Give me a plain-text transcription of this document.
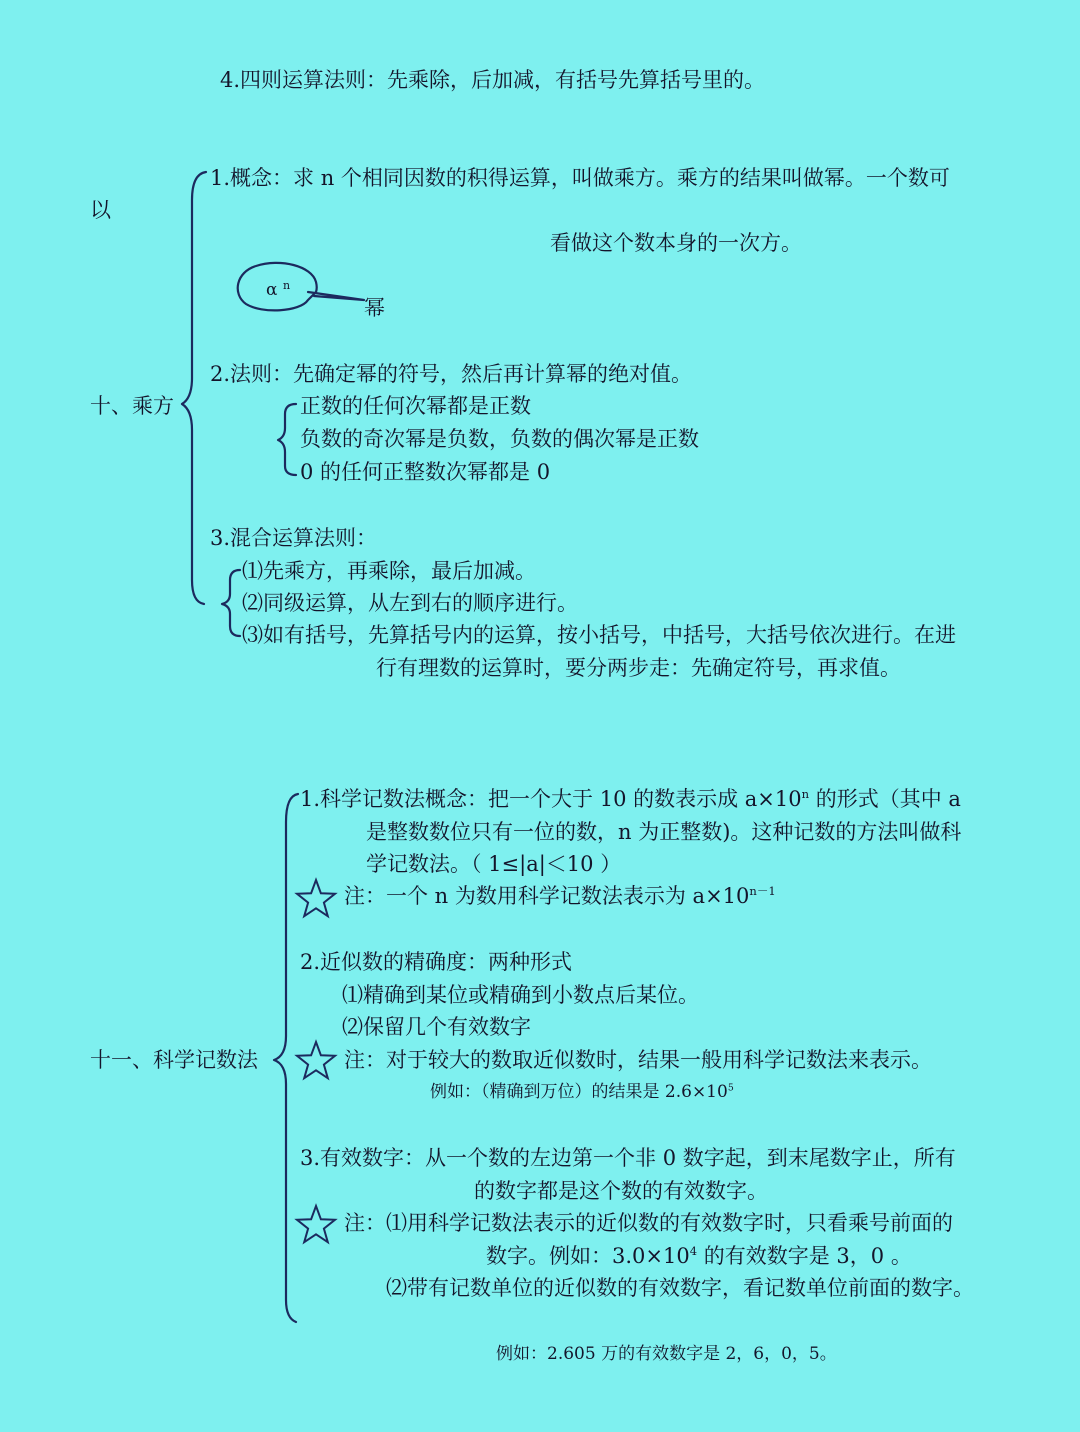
4.四则运算法则：先乘除，后加减，有括号先算括号里的。
1.概念：求 n 个相同因数的积得运算，叫做乘方。乘方的结果叫做幂。一个数可
以
看做这个数本身的一次方。
α n
幂
十、乘方
2.法则：先确定幂的符号，然后再计算幂的绝对值。
正数的任何次幂都是正数
负数的奇次幂是负数，负数的偶次幂是正数
0 的任何正整数次幂都是 0
3.混合运算法则：
⑴先乘方，再乘除，最后加减。
⑵同级运算，从左到右的顺序进行。
⑶如有括号，先算括号内的运算，按小括号，中括号，大括号依次进行。在进
行有理数的运算时，要分两步走：先确定符号，再求值。
1.科学记数法概念：把一个大于 10 的数表示成 $a\times 10^n$ 的形式（其中 a
是整数数位只有一位的数，n 为正整数)。这种记数的方法叫做科
学记数法。（ 1≤|a|＜10 ）
注：一个 n 为数用科学记数法表示为 $a\times 10^{n-1}$
2.近似数的精确度：两种形式
⑴精确到某位或精确到小数点后某位。
⑵保留几个有效数字
十一、科学记数法	注：对于较大的数取近似数时，结果一般用科学记数法来表示。
例如：（精确到万位）的结果是 $2.6\times 10^5$
3.有效数字：从一个数的左边第一个非 0 数字起，到末尾数字止，所有
的数字都是这个数的有效数字。
注：⑴用科学记数法表示的近似数的有效数字时，只看乘号前面的
数字。例如：$3.0\times 10^4$ 的有效数字是 3，0 。
⑵带有记数单位的近似数的有效数字，看记数单位前面的数字。
例如：2.605 万的有效数字是 2，6，0，5。
